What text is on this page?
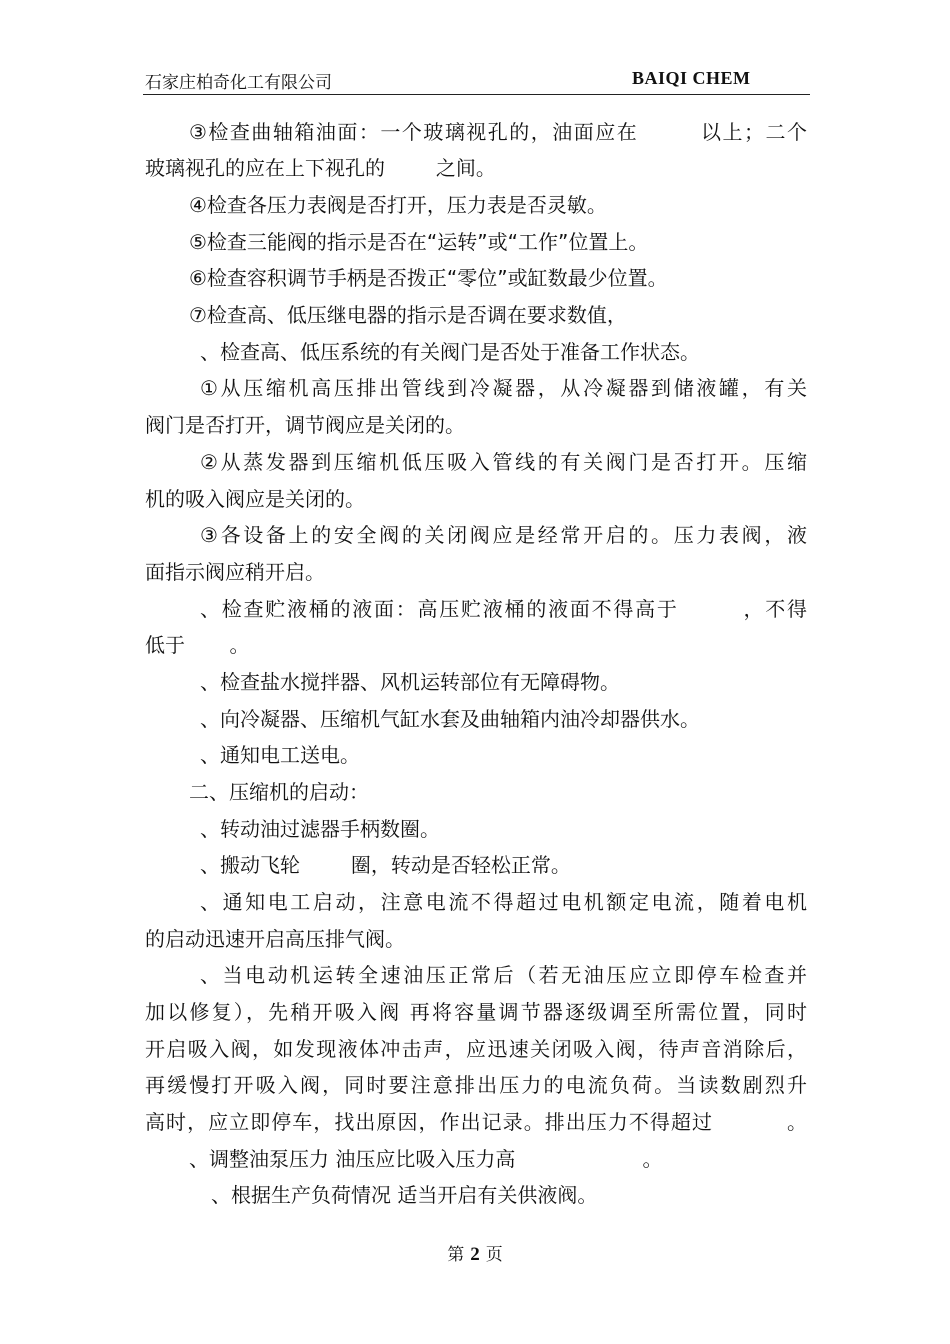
石家庄柏奇化工有限公司	BAIQI CHEM
③检查曲轴箱油面：一个玻璃视孔的，油面应在        以上；二个
玻璃视孔的应在上下视孔的        之间。
④检查各压力表阀是否打开，压力表是否灵敏。
⑤检查三能阀的指示是否在“运转”或“工作”位置上。
⑥检查容积调节手柄是否拨正“零位”或缸数最少位置。
⑦检查高、低压继电器的指示是否调在要求数值，
、检查高、低压系统的有关阀门是否处于准备工作状态。
①从压缩机高压排出管线到冷凝器，从冷凝器到储液罐，有关
阀门是否打开，调节阀应是关闭的。
②从蒸发器到压缩机低压吸入管线的有关阀门是否打开。压缩
机的吸入阀应是关闭的。
③各设备上的安全阀的关闭阀应是经常开启的。压力表阀，液
面指示阀应稍开启。
、检查贮液桶的液面：高压贮液桶的液面不得高于        ，不得
低于       。
、检查盐水搅拌器、风机运转部位有无障碍物。
、向冷凝器、压缩机气缸水套及曲轴箱内油冷却器供水。
、通知电工送电。
二、压缩机的启动：
、转动油过滤器手柄数圈。
、搬动飞轮        圈，转动是否轻松正常。
、通知电工启动，注意电流不得超过电机额定电流，随着电机
的启动迅速开启高压排气阀。
、当电动机运转全速油压正常后（若无油压应立即停车检查并
加以修复），先稍开吸入阀 再将容量调节器逐级调至所需位置，同时
开启吸入阀，如发现液体冲击声，应迅速关闭吸入阀，待声音消除后，
再缓慢打开吸入阀，同时要注意排出压力的电流负荷。当读数剧烈升
高时，应立即停车，找出原因，作出记录。排出压力不得超过          。
、调整油泵压力 油压应比吸入压力高                    。
、根据生产负荷情况 适当开启有关供液阀。
第 2 页
